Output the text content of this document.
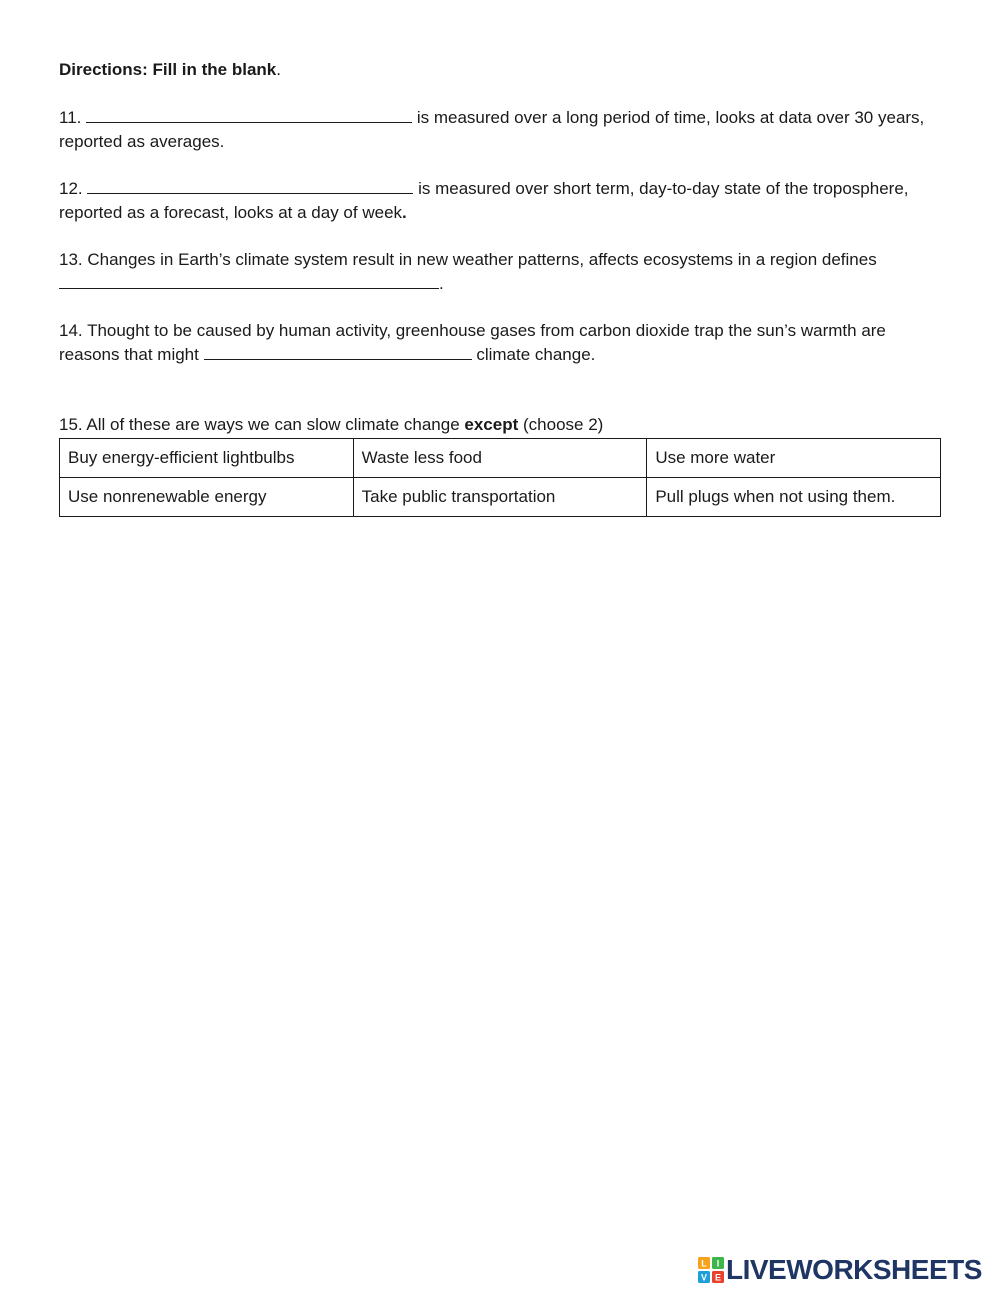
Directions: Fill in the blank.
11.	is measured over a long period of time, looks at data over 30 years, reported as averages.
12.	is measured over short term, day-to-day state of the troposphere, reported as a forecast, looks at a day of week.
13. Changes in Earth’s climate system result in new weather patterns, affects ecosystems in a region defines
.
14. Thought to be caused by human activity, greenhouse gases from carbon dioxide trap the sun’s warmth are reasons that might	climate change.
15. All of these are ways we can slow climate change except (choose 2)
Buy energy-efficient lightbulbs	Waste less food	Use more water
Use nonrenewable energy	Take public transportation	Pull plugs when not using them.
L I
V E LIVEWORKSHEETS
